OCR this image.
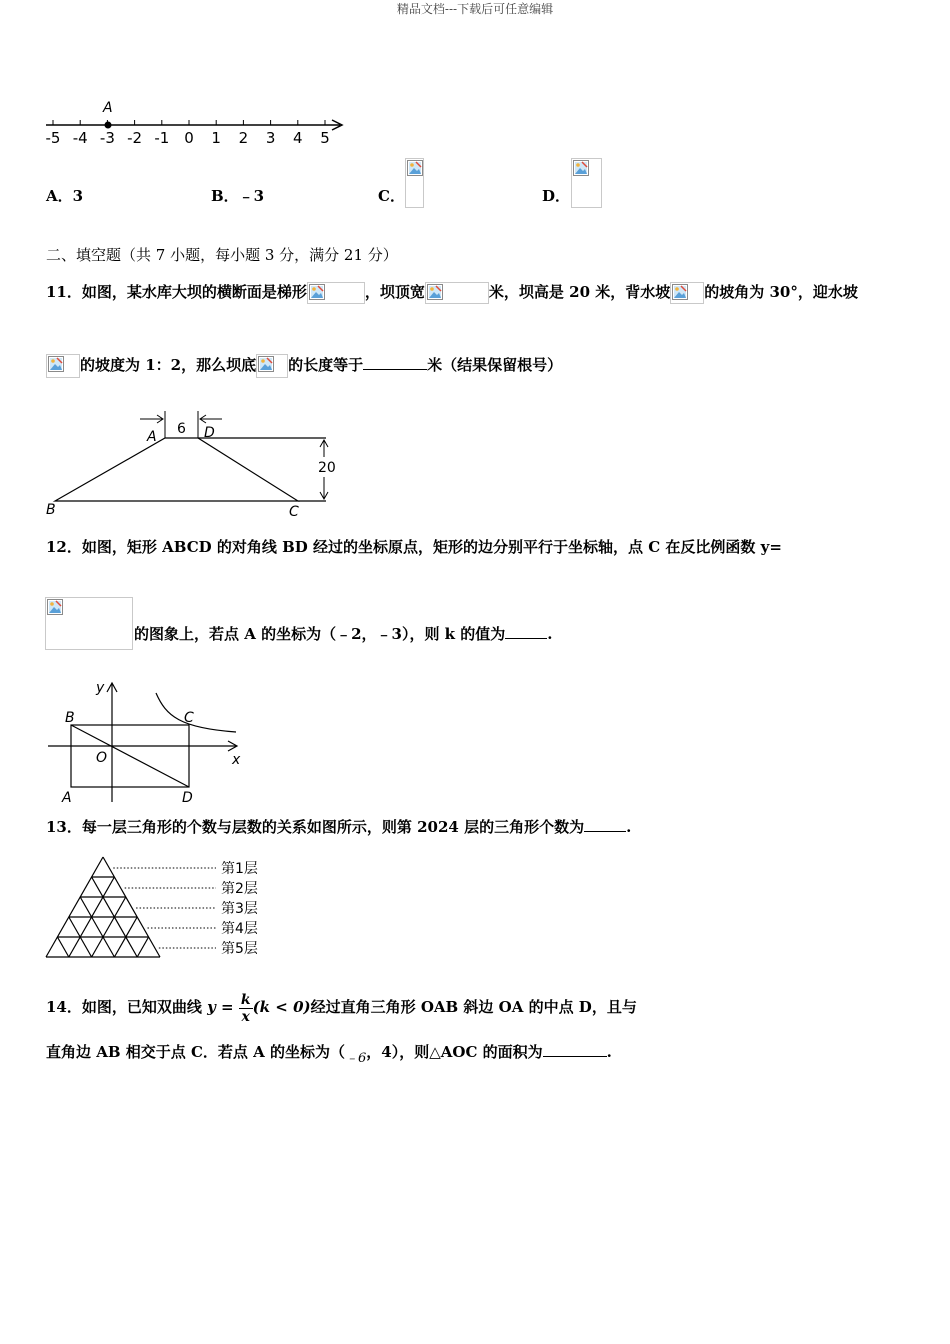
精品文档---下载后可任意编辑
-5 -4 -3 -2 -1 0 1 2 3 4 5
A
A．3	B．﹣3	C．	D．
二、填空题（共 7 小题，每小题 3 分，满分 21 分）
11．如图，某水库大坝的横断面是梯形	，坝顶宽	米，坝高是 20 米，背水坡 的坡角为 30°，迎水坡
的坡度为 1：2，那么坝底 的长度等于	米（结果保留根号）
20
6
A	D
B	C
12．如图，矩形 ABCD 的对角线 BD 经过的坐标原点，矩形的边分别平行于坐标轴，点 C 在反比例函数 y=
的图象上，若点 A 的坐标为（﹣2，﹣3），则 k 的值为	.
y
x
B	C
O
A	D
13．每一层三角形的个数与层数的关系如图所示，则第 2024 层的三角形个数为	.
第1层
第2层
第3层
第4层
第5层
14．如图，已知双曲线 $y = \frac{k}{x} (k < 0)$经过直角三角形 OAB 斜边 OA 的中点 D，且与
直角边 AB 相交于点 C．若点 A 的坐标为（﹣6，4），则△AOC 的面积为	.
